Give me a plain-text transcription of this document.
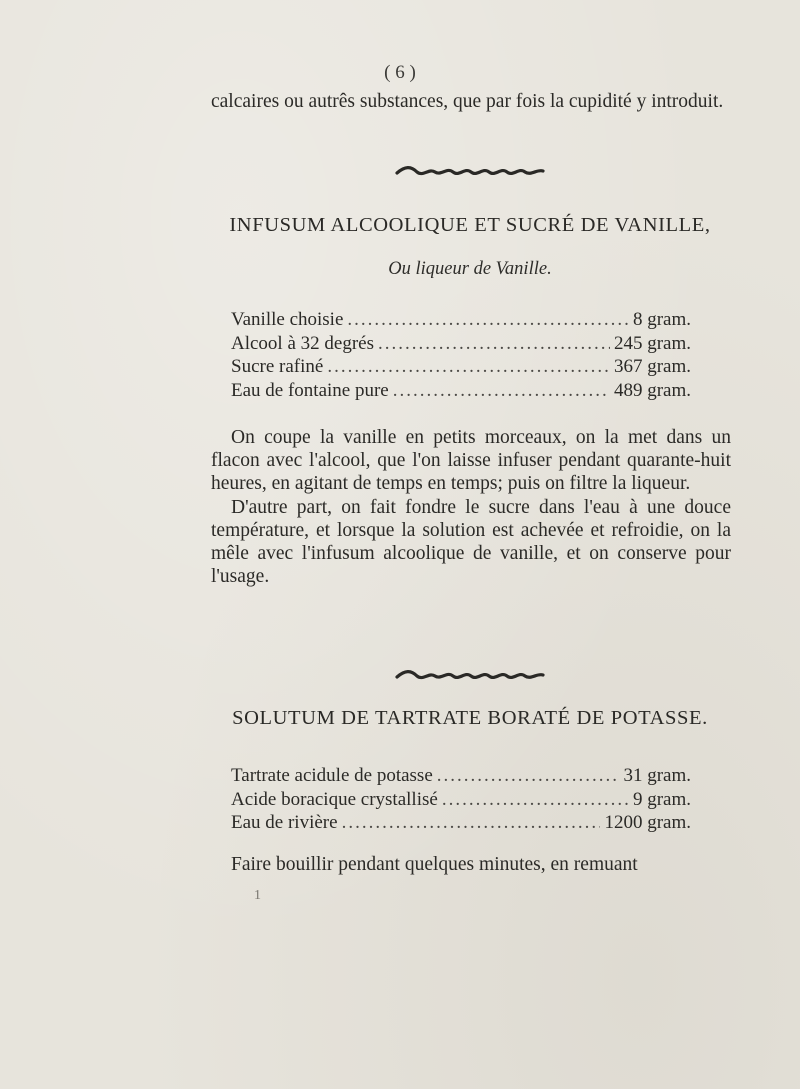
( 6 )

calcaires ou autrês substances, que par fois la cupidité y introduit.

INFUSUM ALCOOLIQUE ET SUCRÉ DE VANILLE,
Ou liqueur de Vanille.
Vanille choisie .....	8 gram.
Alcool à 32 degrés .....	245 gram.
Sucre rafiné .....	367 gram.
Eau de fontaine pure .....	489 gram.

On coupe la vanille en petits morceaux, on la met dans un flacon avec l'alcool, que l'on laisse infuser pendant quarante-huit heures, en agitant de temps en temps; puis on filtre la liqueur.

D'autre part, on fait fondre le sucre dans l'eau à une douce température, et lorsque la solution est achevée et refroidie, on la mêle avec l'infusum alcoolique de vanille, et on conserve pour l'usage.

SOLUTUM DE TARTRATE BORATÉ DE POTASSE.
Tartrate acidule de potasse .....	31 gram.
Acide boracique crystallisé .....	9 gram.
Eau de rivière .....	1200 gram.

Faire bouillir pendant quelques minutes, en remuant

1
